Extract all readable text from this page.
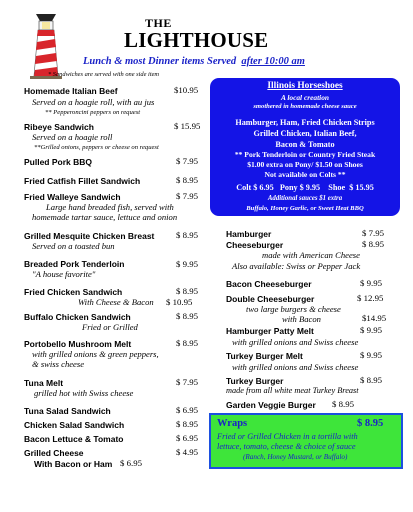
THE
LIGHTHOUSE
Lunch & most Dinner items Served after 10:00 am
* Sandwiches are served with one side item
Homemade Italian Beef	$10.95
Served on a hoagie roll, with au jus
** Pepperoncini peppers on request
Ribeye Sandwich	$ 15.95
Served on a hoagie roll
**Grilled onions, peppers or cheese on request
Pulled Pork BBQ	$ 7.95
Fried Catfish Fillet Sandwich	$ 8.95
Fried Walleye Sandwich	$ 7.95
Large hand breaded fish, served with
homemade tartar sauce, lettuce and onion
Grilled Mesquite Chicken Breast $ 8.95
Served on a toasted bun
Breaded Pork Tenderloin	$ 9.95
"A house favorite"
Fried Chicken Sandwich	$ 8.95
With Cheese & Bacon $ 10.95
Buffalo Chicken Sandwich	$ 8.95
Fried or Grilled
Portobello Mushroom Melt	$ 8.95
with grilled onions & green peppers,
& swiss cheese
Tuna Melt	$ 7.95
grilled hot with Swiss cheese
Tuna Salad Sandwich	$ 6.95
Chicken Salad Sandwich	$ 8.95
Bacon Lettuce & Tomato	$ 6.95
Grilled Cheese	$ 4.95
With Bacon or Ham $ 6.95
Illinois Horseshoes
A local creation
smothered in homemade cheese sauce
Hamburger, Ham, Fried Chicken Strips
Grilled Chicken, Italian Beef,
Bacon & Tomato
** Pork Tenderloin or Country Fried Steak
$1.00 extra on Pony/ $1.50 on Shoes
Not available on Colts **
Colt $ 6.95   Pony $ 9.95    Shoe  $ 15.95
Additional sauces $1 extra
Buffalo, Honey Garlic, or Sweet Heat BBQ
Hamburger	$ 7.95
Cheeseburger	$ 8.95
made with American Cheese
Also available: Swiss or Pepper Jack
Bacon Cheeseburger	$ 9.95
Double Cheeseburger	$ 12.95
two large burgers & cheese
with Bacon	$14.95
Hamburger Patty Melt	$ 9.95
with grilled onions and Swiss cheese
Turkey Burger Melt	$ 9.95
with grilled onions and Swiss cheese
Turkey Burger	$ 8.95
made from all white meat Turkey Breast
Garden Veggie Burger $ 8.95
Wraps	$ 8.95
Fried or Grilled Chicken in a tortilla with
lettuce, tomato, cheese & choice of sauce
(Ranch, Honey Mustard, or Buffalo)
